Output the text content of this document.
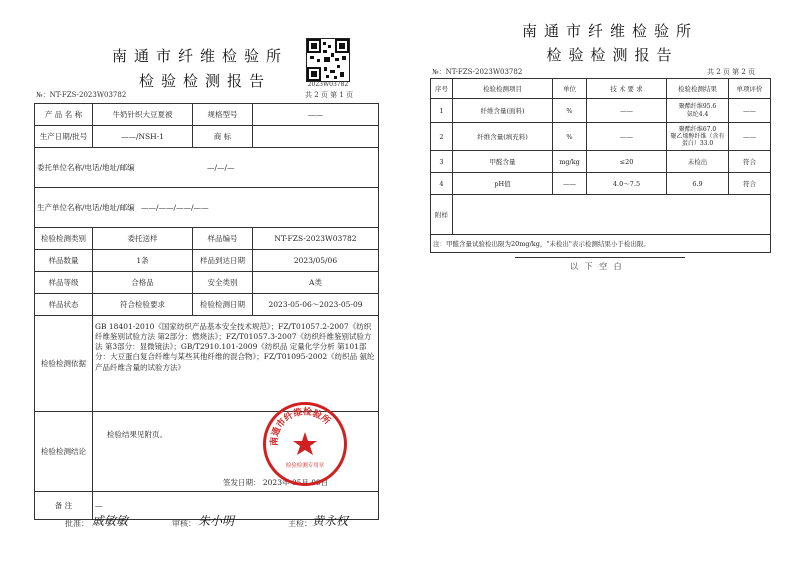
南通市纤维检验所
检验检测报告	2023W03782
№：NT-FZS-2023W03782	共 2 页 第 1 页
产 品 名 称	牛奶针织大豆夏被	规格型号	——
生产日期/批号	——/NSH-1	商 标	
委托单位名称/电话/地址/邮编 —/—/—			
生产单位名称/电话/地址/邮编 ——/——/——/——			
检验检测类别	委托送样	样品编号	NT-FZS-2023W03782
样品数量	1条	样品到达日期	2023/05/06
样品等级	合格品	安全类别	A类
样品状态	符合检验要求	检验检测日期	2023-05-06～2023-05-09
检验检测依据	GB 18401-2010《国家纺织产品基本安全技术规范》；FZ/T01057.2-2007《纺织纤维鉴别试验方法 第2部分：燃烧法》；FZ/T01057.3-2007《纺织纤维鉴别试验方法 第3部分：显微镜法》；GB/T2910.101-2009《纺织品 定量化学分析 第101部分：大豆蛋白复合纤维与某些其他纤维的混合物》；FZ/T01095-2002《纺织品 氨纶产品纤维含量的试验方法》		
检验检测结论	检验结果见附页。
签发日期： 2023年 05月 09日		

备 注	—		
南通市纤维检验所
检验检测专用章
批准： 戚敏敏	审核： 朱小明	主检： 黄永权
南通市纤维检验所
检验检测报告
№：NT-FZS-2023W03782	共 2 页 第 2 页
序号	检验检测项目	单位	技 术 要 求	检验检测结果	单项评价
1	纤维含量(面料)	%	——	聚酯纤维95.6
氨纶4.4	——
2	纤维含量(填充料)	%	——	聚酯纤维67.0
聚乙烯醇纤维（含有蛋白）33.0	——
3	甲醛含量	mg/kg	≤20	未检出	符合
4	pH值	——	4.0～7.5	6.9	符合
附样					
注：甲醛含量试验检出限为20mg/kg，"未检出"表示检测结果小于检出限。					
以 下 空 白
